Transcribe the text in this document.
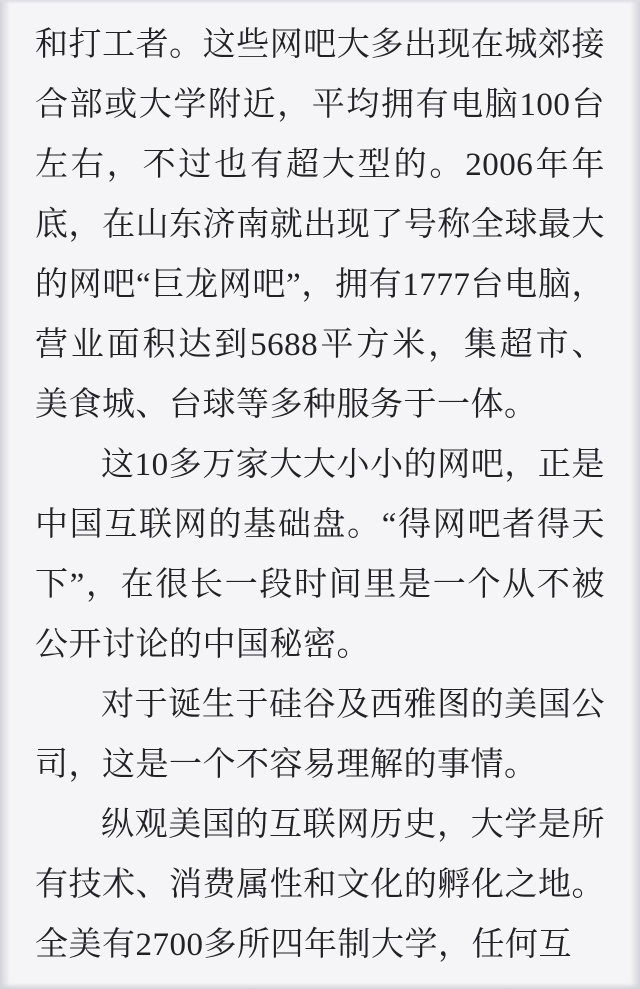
和打工者。这些网吧大多出现在城郊接合部或大学附近，平均拥有电脑100台左右，不过也有超大型的。2006年年底，在山东济南就出现了号称全球最大的网吧“巨龙网吧”，拥有1777台电脑，营业面积达到5688平方米，集超市、美食城、台球等多种服务于一体。

这10多万家大大小小的网吧，正是中国互联网的基础盘。“得网吧者得天下”，在很长一段时间里是一个从不被公开讨论的中国秘密。

对于诞生于硅谷及西雅图的美国公司，这是一个不容易理解的事情。

纵观美国的互联网历史，大学是所有技术、消费属性和文化的孵化之地。全美有2700多所四年制大学，任何互
